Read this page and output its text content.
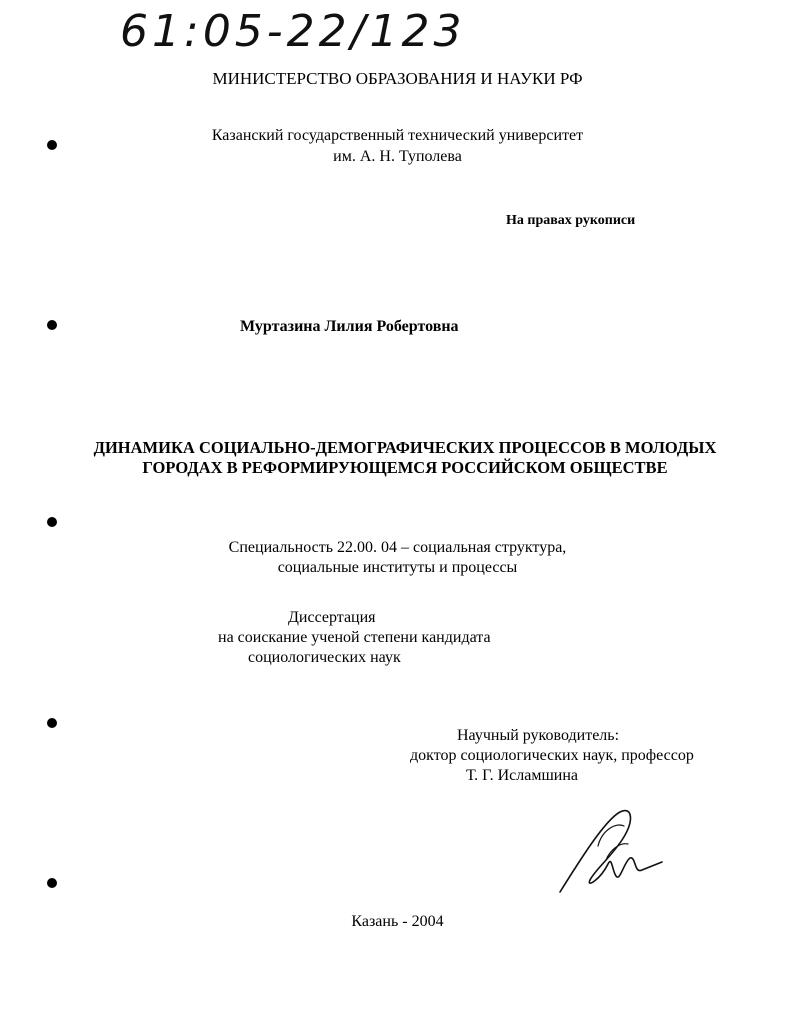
61:05-22/123
МИНИСТЕРСТВО ОБРАЗОВАНИЯ И НАУКИ РФ
Казанский государственный технический университет
им. А. Н. Туполева
На правах рукописи
Муртазина Лилия Робертовна
ДИНАМИКА СОЦИАЛЬНО-ДЕМОГРАФИЧЕСКИХ ПРОЦЕССОВ В МОЛОДЫХ ГОРОДАХ В РЕФОРМИРУЮЩЕМСЯ РОССИЙСКОМ ОБЩЕСТВЕ
Специальность 22.00. 04 – социальная структура,
социальные институты и процессы
Диссертация
на соискание ученой степени кандидата
социологических наук
Научный руководитель:
доктор социологических наук, профессор
Т. Г. Исламшина
Казань - 2004
